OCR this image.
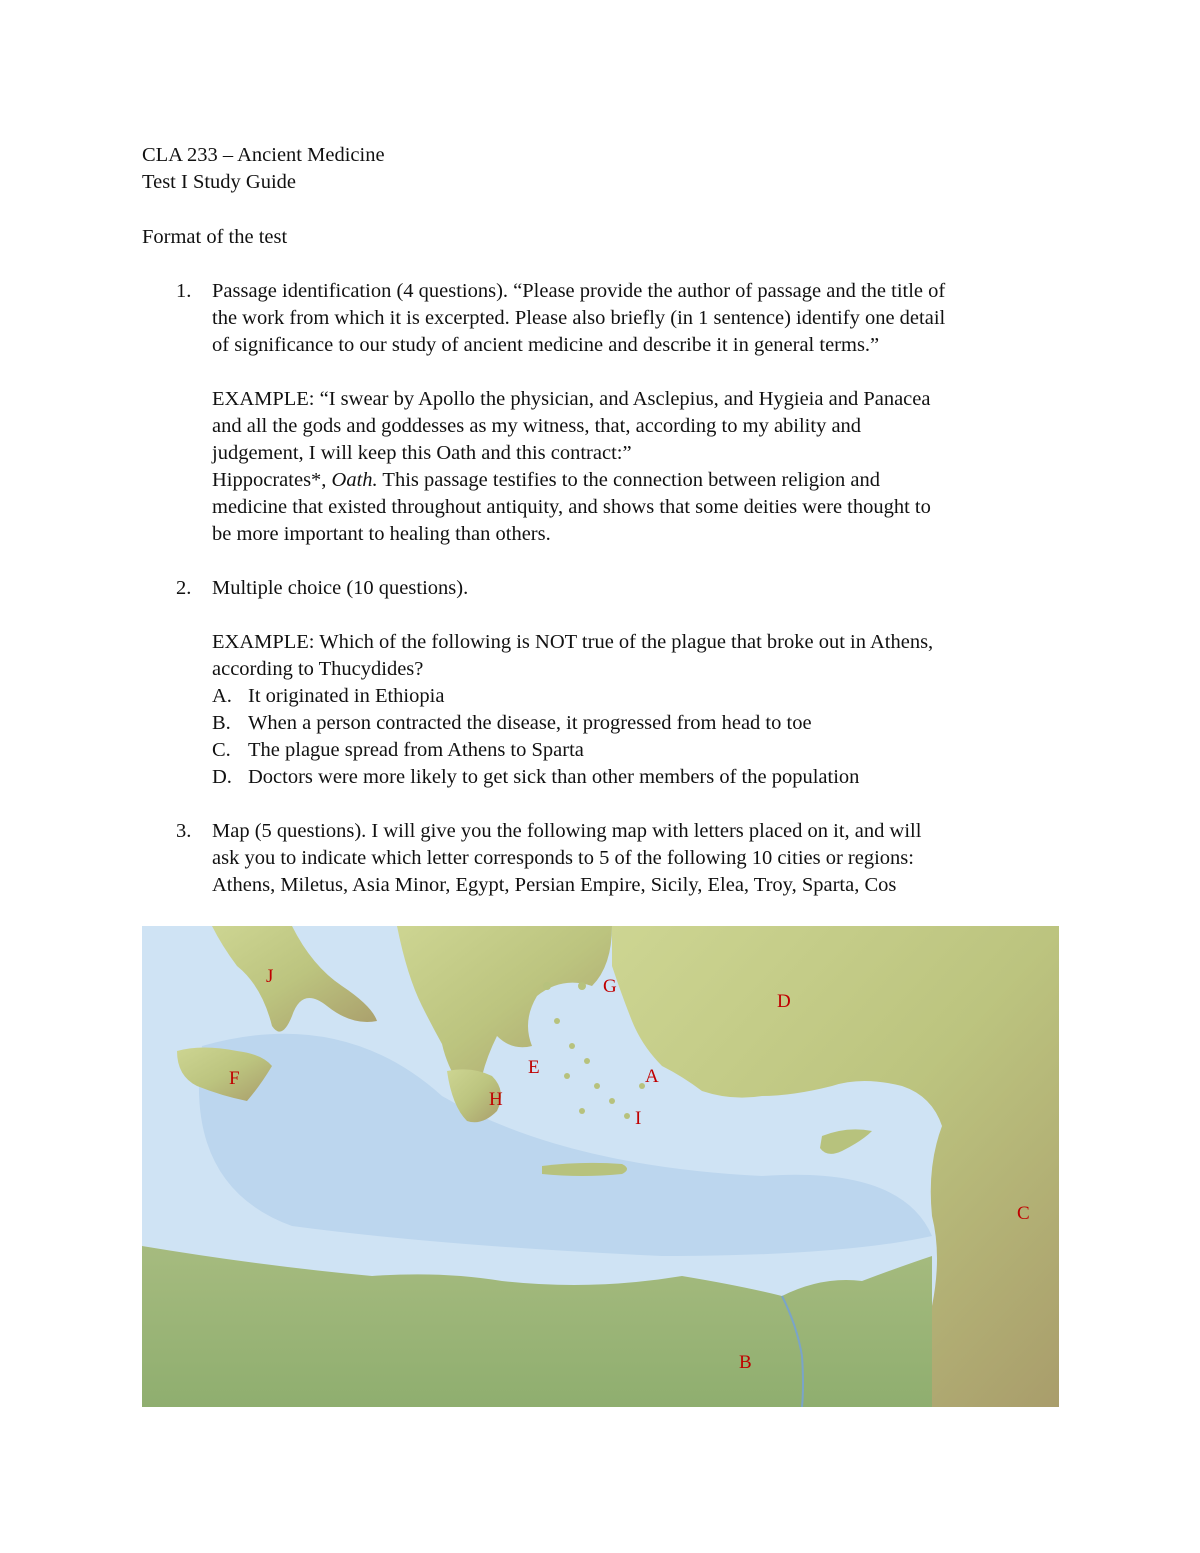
CLA 233 – Ancient Medicine
Test I Study Guide
Format of the test
1. Passage identification (4 questions). “Please provide the author of passage and the title of
the work from which it is excerpted. Please also briefly (in 1 sentence) identify one detail
of significance to our study of ancient medicine and describe it in general terms.”
EXAMPLE: “I swear by Apollo the physician, and Asclepius, and Hygieia and Panacea
and all the gods and goddesses as my witness, that, according to my ability and
judgement, I will keep this Oath and this contract:”
Hippocrates*, Oath. This passage testifies to the connection between religion and
medicine that existed throughout antiquity, and shows that some deities were thought to
be more important to healing than others.
2. Multiple choice (10 questions).
EXAMPLE: Which of the following is NOT true of the plague that broke out in Athens,
according to Thucydides?
A. It originated in Ethiopia
B. When a person contracted the disease, it progressed from head to toe
C. The plague spread from Athens to Sparta
D. Doctors were more likely to get sick than other members of the population
3. Map (5 questions). I will give you the following map with letters placed on it, and will
ask you to indicate which letter corresponds to 5 of the following 10 cities or regions:
Athens, Miletus, Asia Minor, Egypt, Persian Empire, Sicily, Elea, Troy, Sparta, Cos
J	G
D
F
E	A
H
I
C
B
